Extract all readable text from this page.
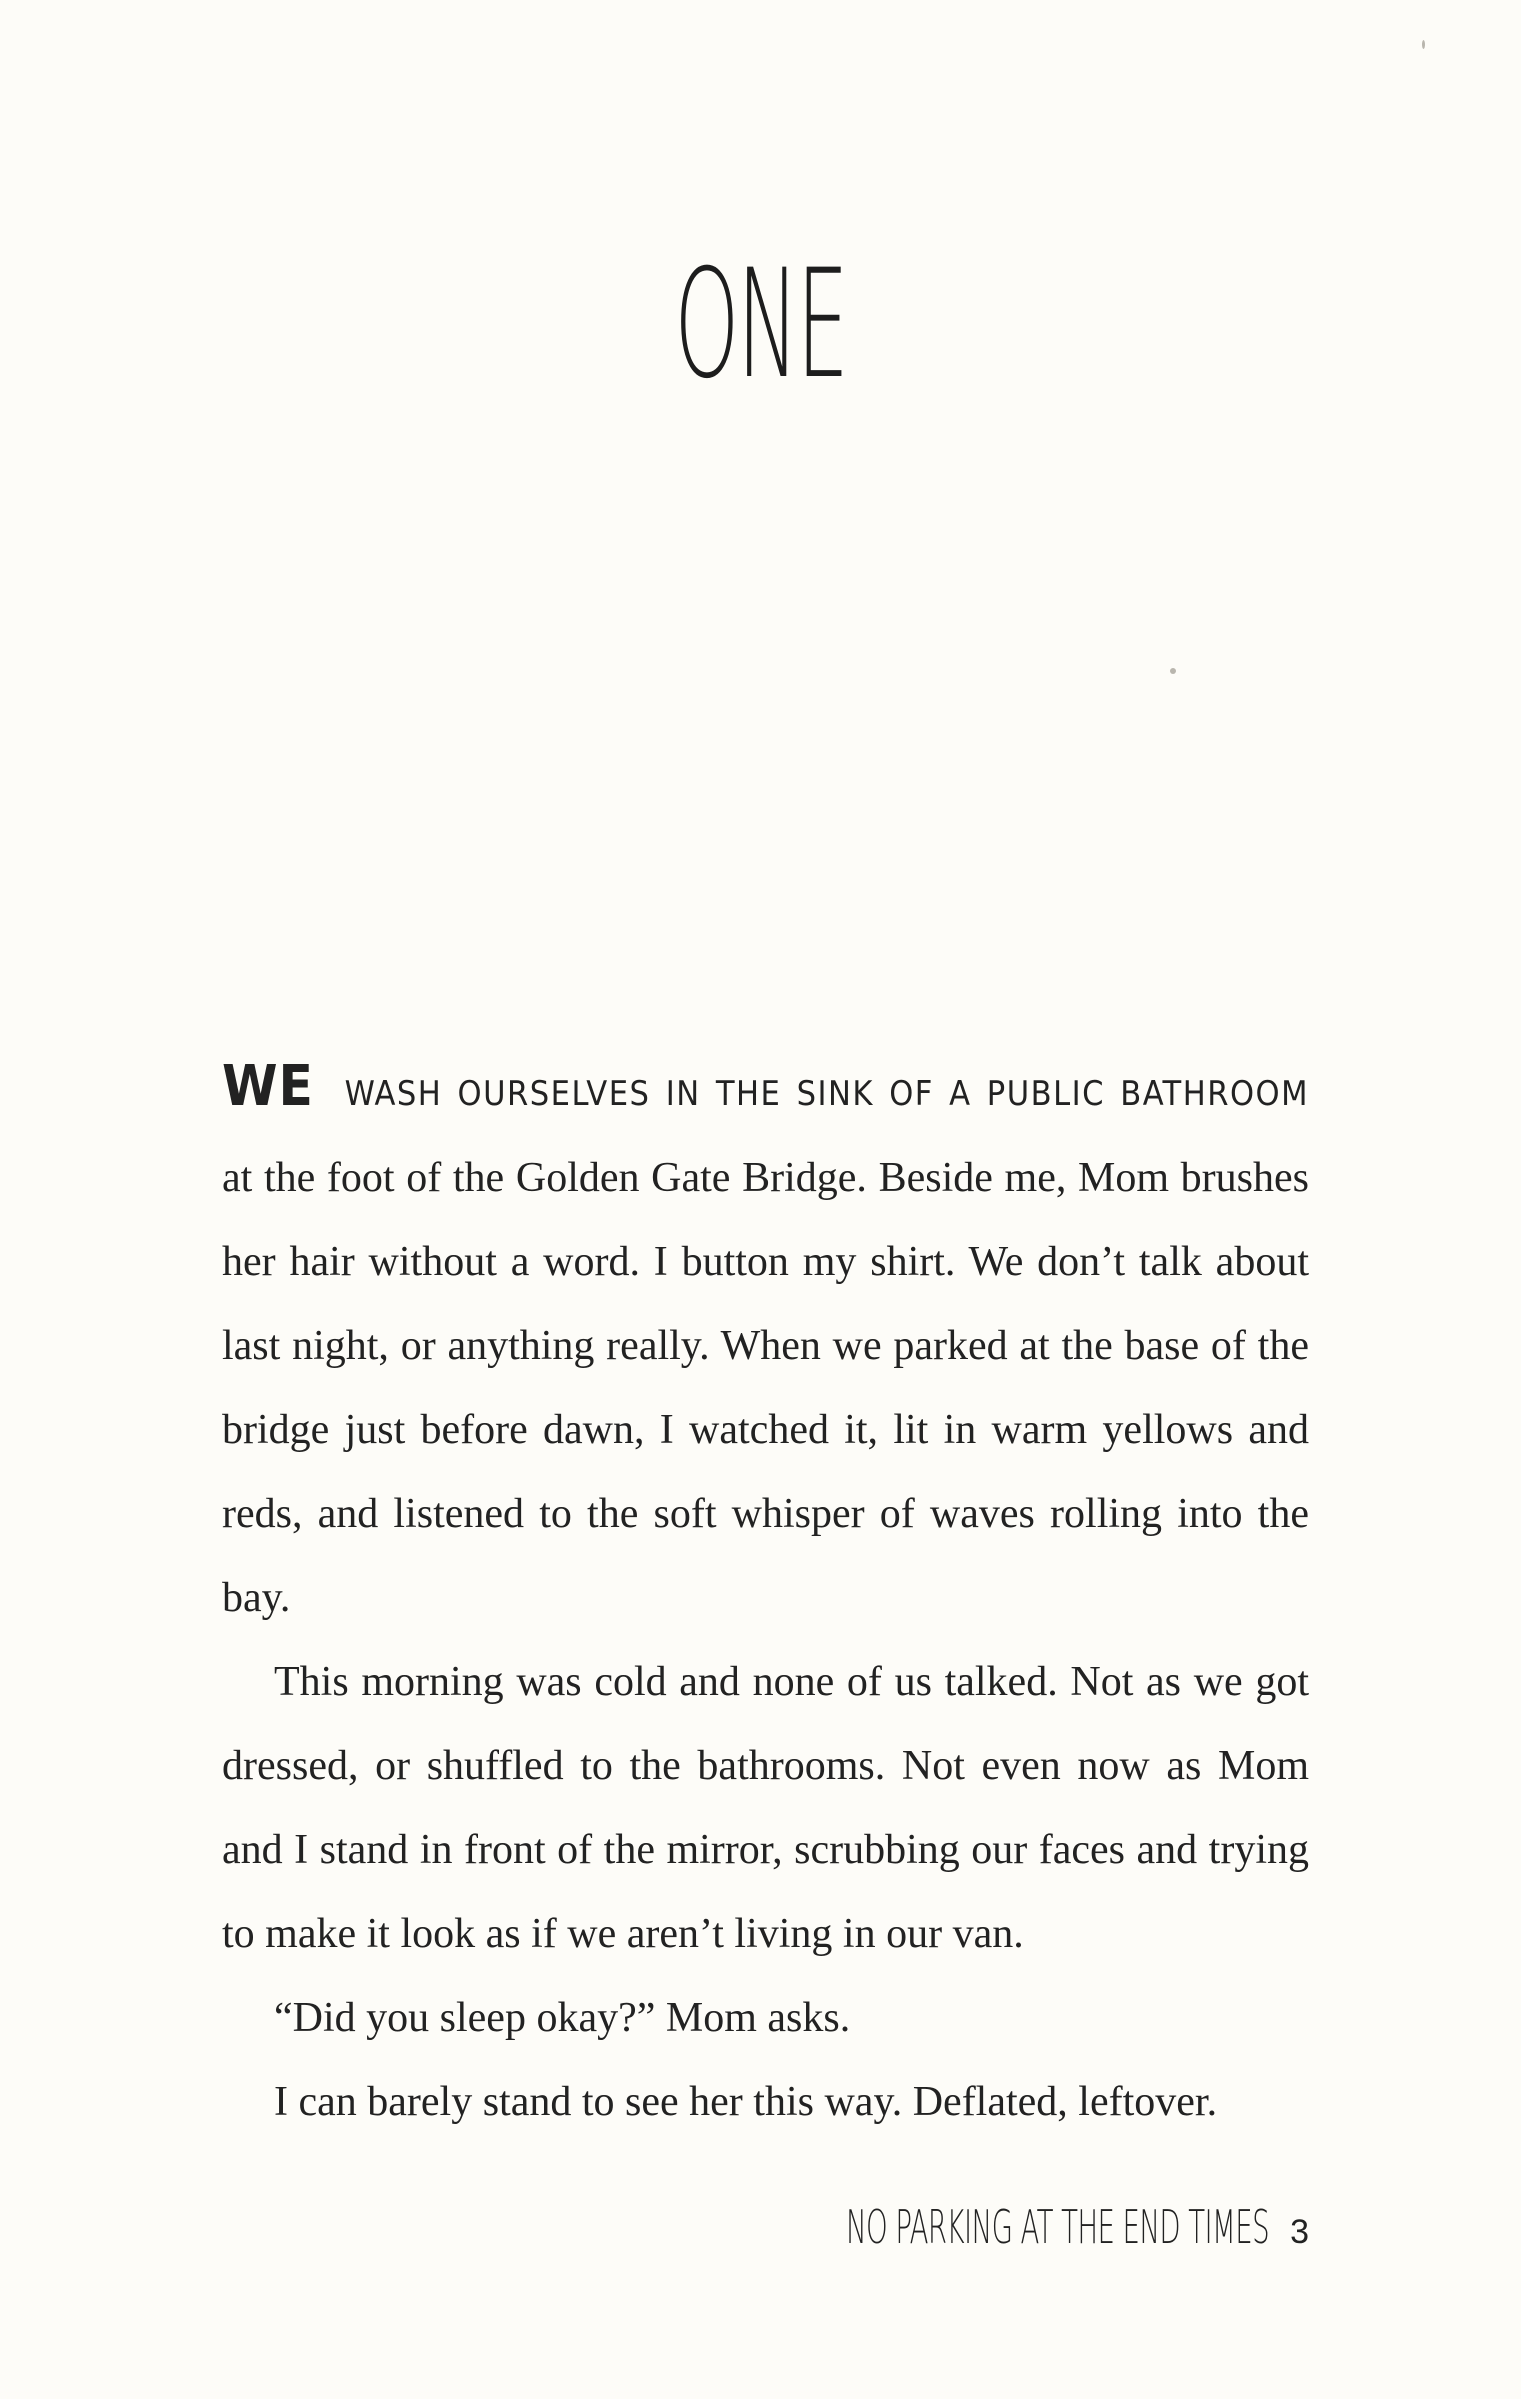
ONE

WE WASH OURSELVES IN THE SINK OF A PUBLIC BATHROOM

at the foot of the Golden Gate Bridge. Beside me, Mom brushes her hair without a word. I button my shirt. We don’t talk about last night, or anything really. When we parked at the base of the bridge just before dawn, I watched it, lit in warm yellows and reds, and listened to the soft whisper of waves rolling into the bay.

This morning was cold and none of us talked. Not as we got dressed, or shuffled to the bathrooms. Not even now as Mom and I stand in front of the mirror, scrubbing our faces and trying to make it look as if we aren’t living in our van.

“Did you sleep okay?” Mom asks.

I can barely stand to see her this way. Deflated, leftover.

NO PARKING AT THE END TIMES 3
